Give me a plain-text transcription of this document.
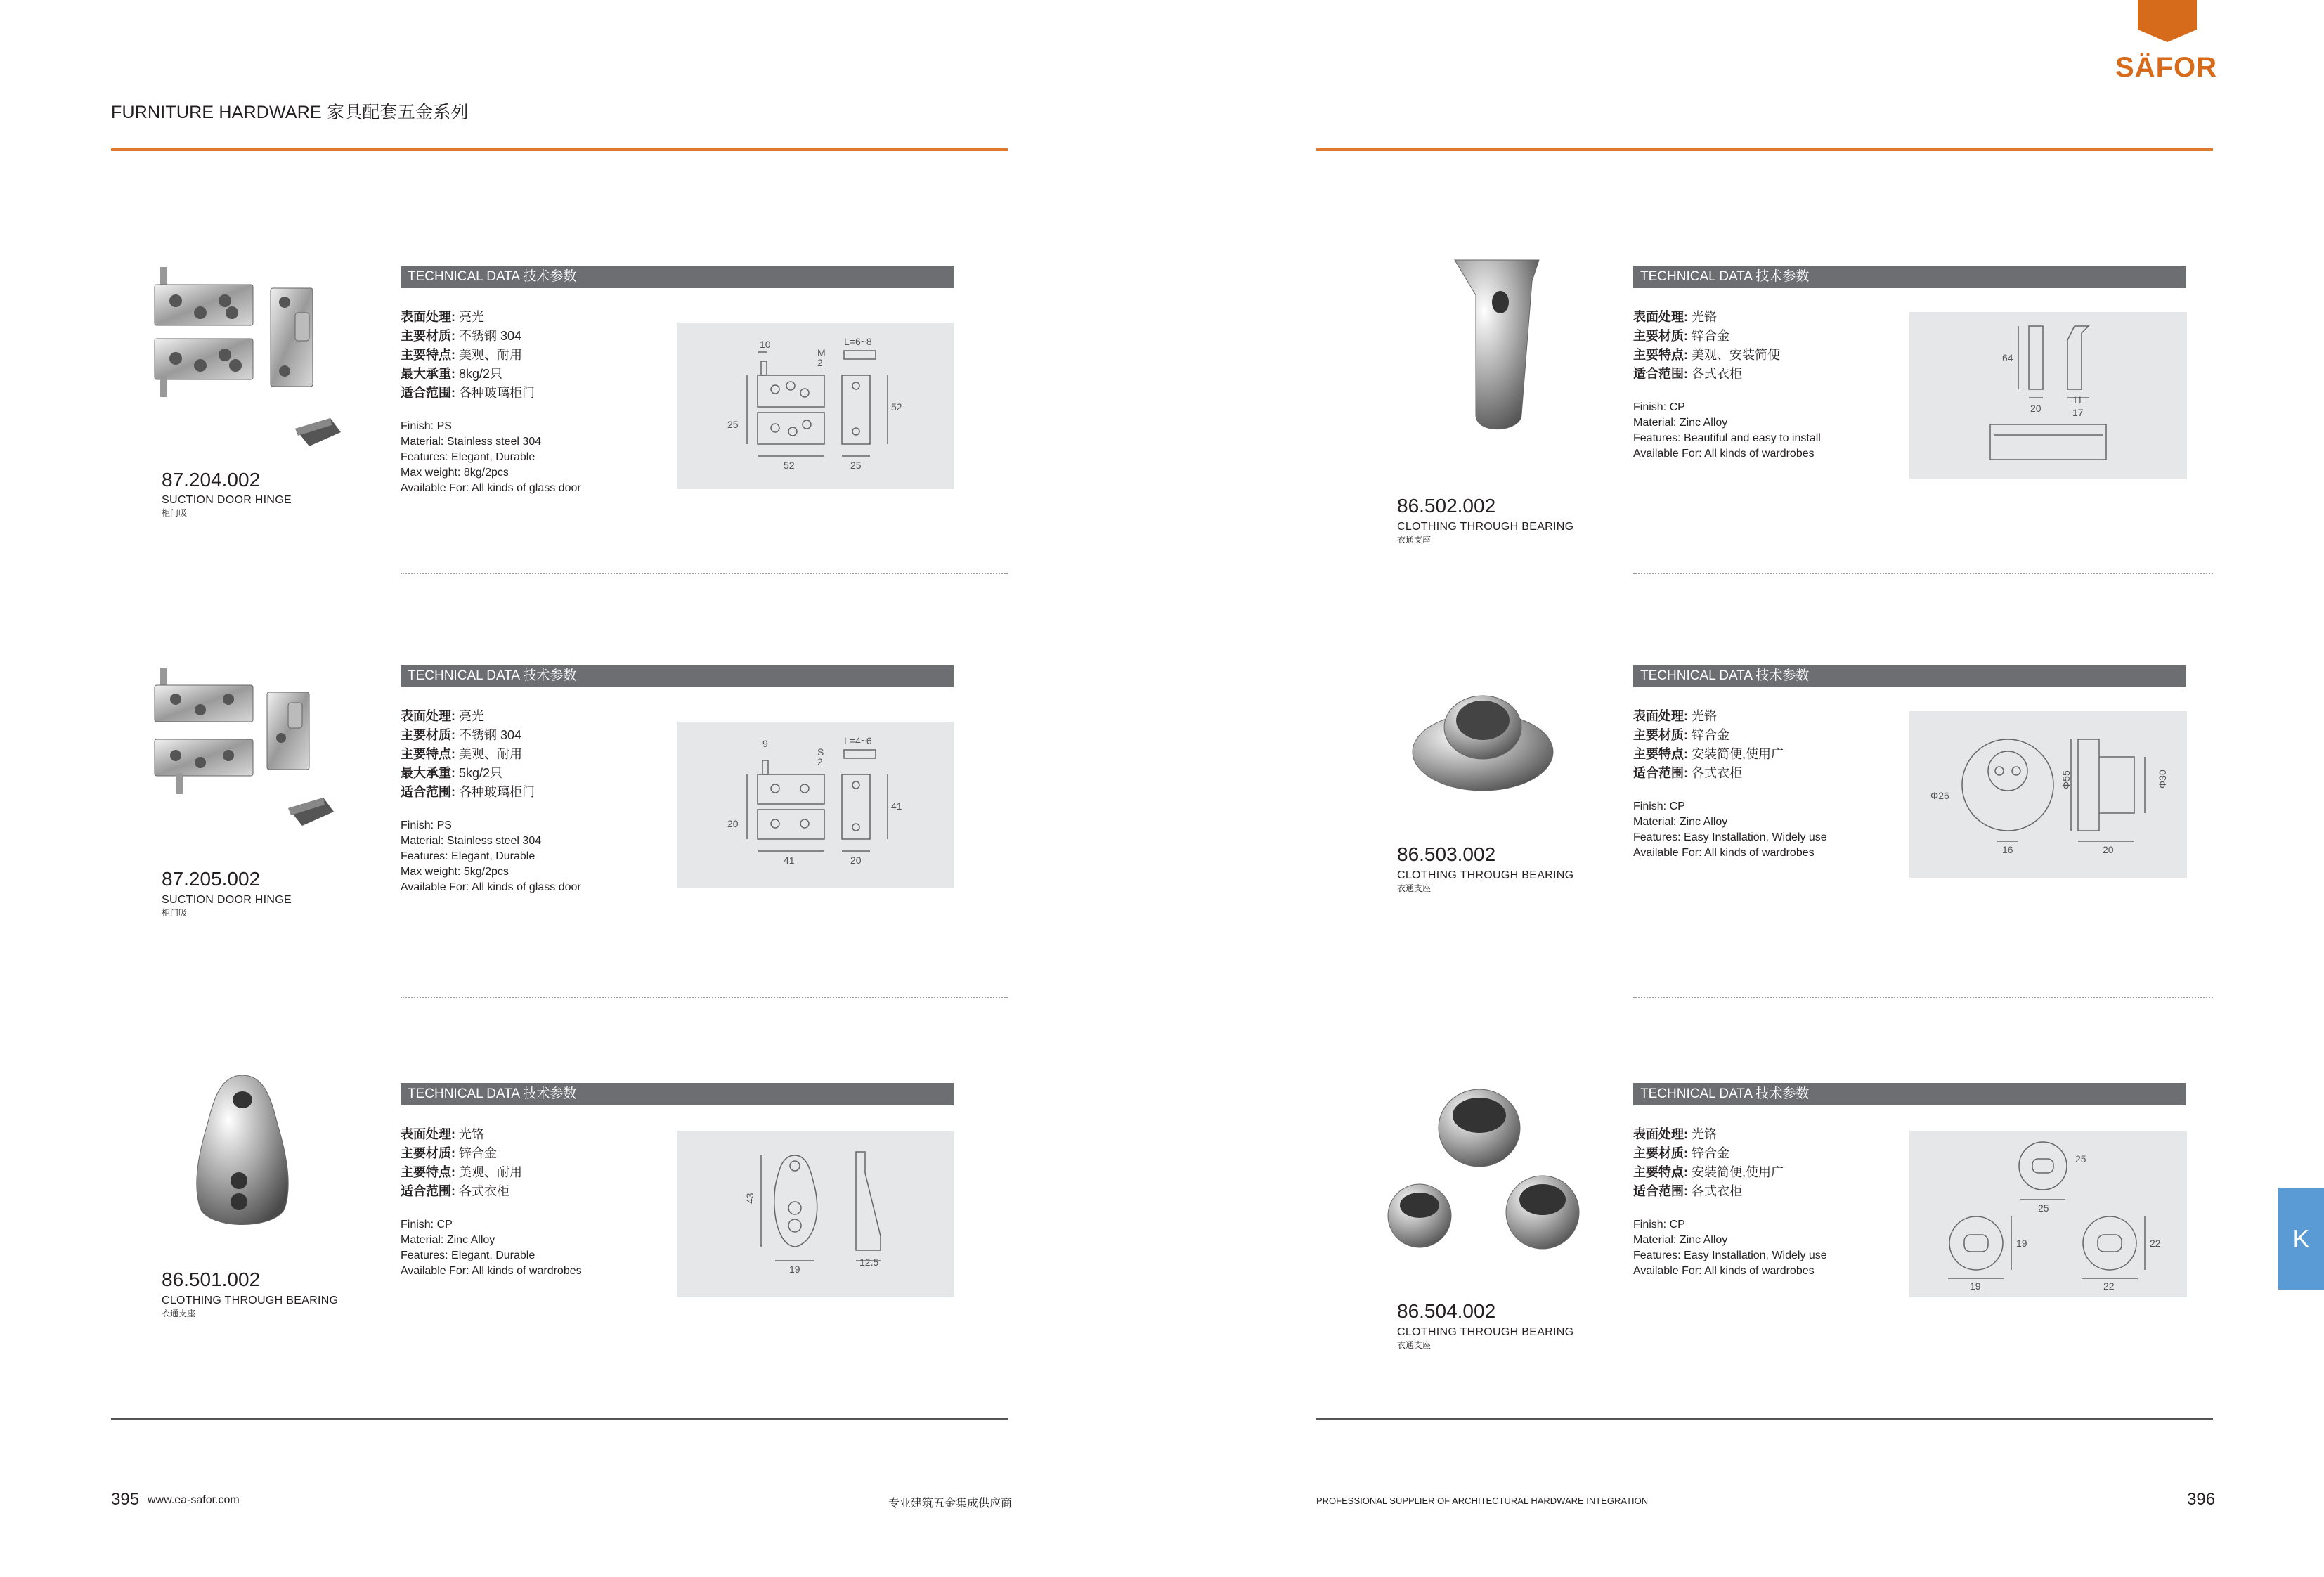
FURNITURE HARDWARE 家具配套五金系列
SÄFOR
K
87.204.002
SUCTION DOOR HINGE
柜门吸
TECHNICAL DATA 技术参数
表面处理: 亮光
主要材质: 不锈钢 304
主要特点: 美观、耐用
最大承重: 8kg/2只
适合范围: 各种玻璃柜门
Finish: PS
Material: Stainless steel 304
Features: Elegant, Durable
Max weight: 8kg/2pcs
Available For: All kinds of glass door
10
M
2
L=6~8
52
25
52	25
87.205.002
SUCTION DOOR HINGE
柜门吸
TECHNICAL DATA 技术参数
表面处理: 亮光
主要材质: 不锈钢 304
主要特点: 美观、耐用
最大承重: 5kg/2只
适合范围: 各种玻璃柜门
Finish: PS
Material: Stainless steel 304
Features: Elegant, Durable
Max weight: 5kg/2pcs
Available For: All kinds of glass door
9
S
2
L=4~6
41
20
41	20
86.501.002
CLOTHING THROUGH BEARING
衣通支座
TECHNICAL DATA 技术参数
表面处理: 光铬
主要材质: 锌合金
主要特点: 美观、耐用
适合范围: 各式衣柜
Finish: CP
Material: Zinc Alloy
Features: Elegant, Durable
Available For: All kinds of wardrobes
43
19
12.5
86.502.002
CLOTHING THROUGH BEARING
衣通支座
TECHNICAL DATA 技术参数
表面处理: 光铬
主要材质: 锌合金
主要特点: 美观、安装简便
适合范围: 各式衣柜
Finish: CP
Material: Zinc Alloy
Features: Beautiful and easy to install
Available For: All kinds of wardrobes
64
20
11
17
86.503.002
CLOTHING THROUGH BEARING
衣通支座
TECHNICAL DATA 技术参数
表面处理: 光铬
主要材质: 锌合金
主要特点: 安装简便,使用广
适合范围: 各式衣柜
Finish: CP
Material: Zinc Alloy
Features: Easy Installation, Widely use
Available For: All kinds of wardrobes
Φ26
Φ55	Φ30
16	20
86.504.002
CLOTHING THROUGH BEARING
衣通支座
TECHNICAL DATA 技术参数
表面处理: 光铬
主要材质: 锌合金
主要特点: 安装简便,使用广
适合范围: 各式衣柜
Finish: CP
Material: Zinc Alloy
Features: Easy Installation, Widely use
Available For: All kinds of wardrobes
25
25
19
19
22
22
395 www.ea-safor.com	专业建筑五金集成供应商	PROFESSIONAL SUPPLIER OF ARCHITECTURAL HARDWARE INTEGRATION	396
